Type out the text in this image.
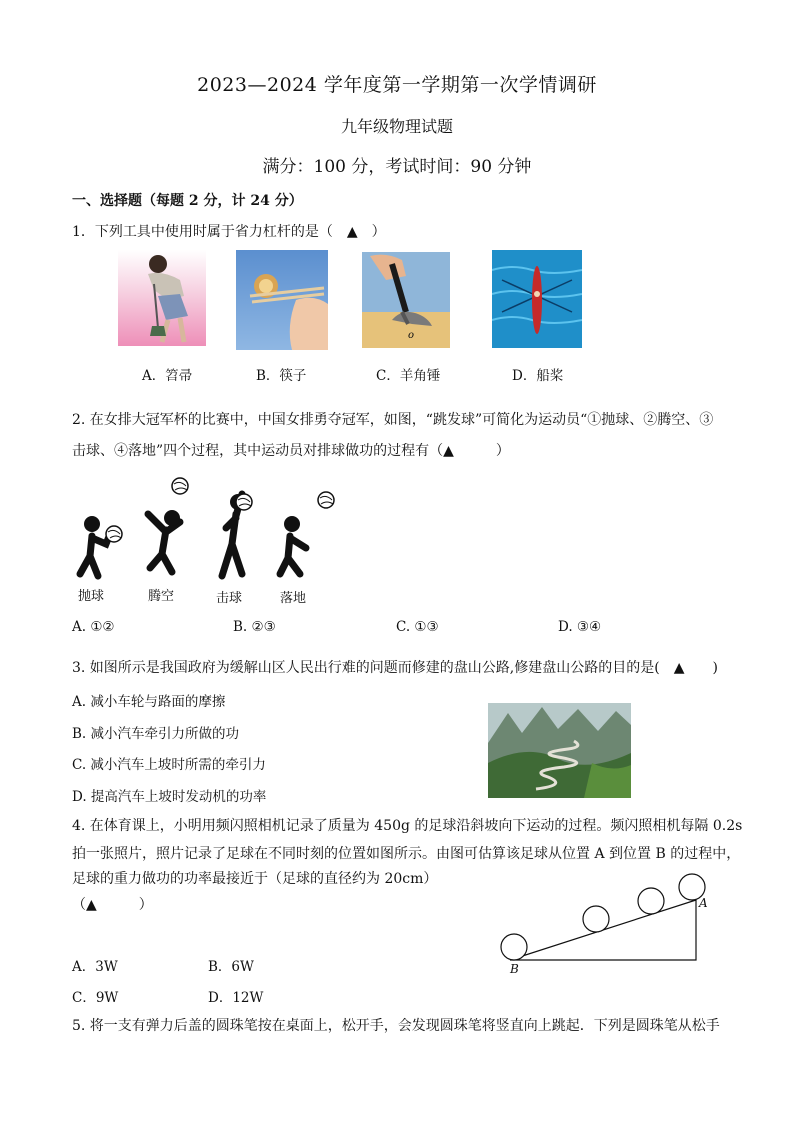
2023—2024 学年度第一学期第一次学情调研
九年级物理试题
满分：100 分，考试时间：90 分钟
一、选择题（每题 2 分，计 24 分）
1．下列工具中使用时属于省力杠杆的是（　▲　）
o
A．笤帚	B．筷子	C．羊角锤	D．船桨
2. 在女排大冠军杯的比赛中，中国女排勇夺冠军，如图，“跳发球”可简化为运动员“①抛球、②腾空、③
击球、④落地”四个过程，其中运动员对排球做功的过程有（▲　　　）
抛球	腾空	击球	落地
A. ①②	B. ②③	C. ①③	D. ③④
3. 如图所示是我国政府为缓解山区人民出行难的问题而修建的盘山公路,修建盘山公路的目的是(　▲　　)
A. 减小车轮与路面的摩擦
B. 减小汽车牵引力所做的功
C. 减小汽车上坡时所需的牵引力
D. 提高汽车上坡时发动机的功率
4. 在体育课上，小明用频闪照相机记录了质量为 450g 的足球沿斜坡向下运动的过程。频闪照相机每隔 0.2s
拍一张照片，照片记录了足球在不同时刻的位置如图所示。由图可估算该足球从位置 A 到位置 B 的过程中，
足球的重力做功的功率最接近于（足球的直径约为 20cm）
（▲　　　）	A
B
A．3W	B．6W
C．9W	D．12W
5. 将一支有弹力后盖的圆珠笔按在桌面上，松开手，会发现圆珠笔将竖直向上跳起．下列是圆珠笔从松手
